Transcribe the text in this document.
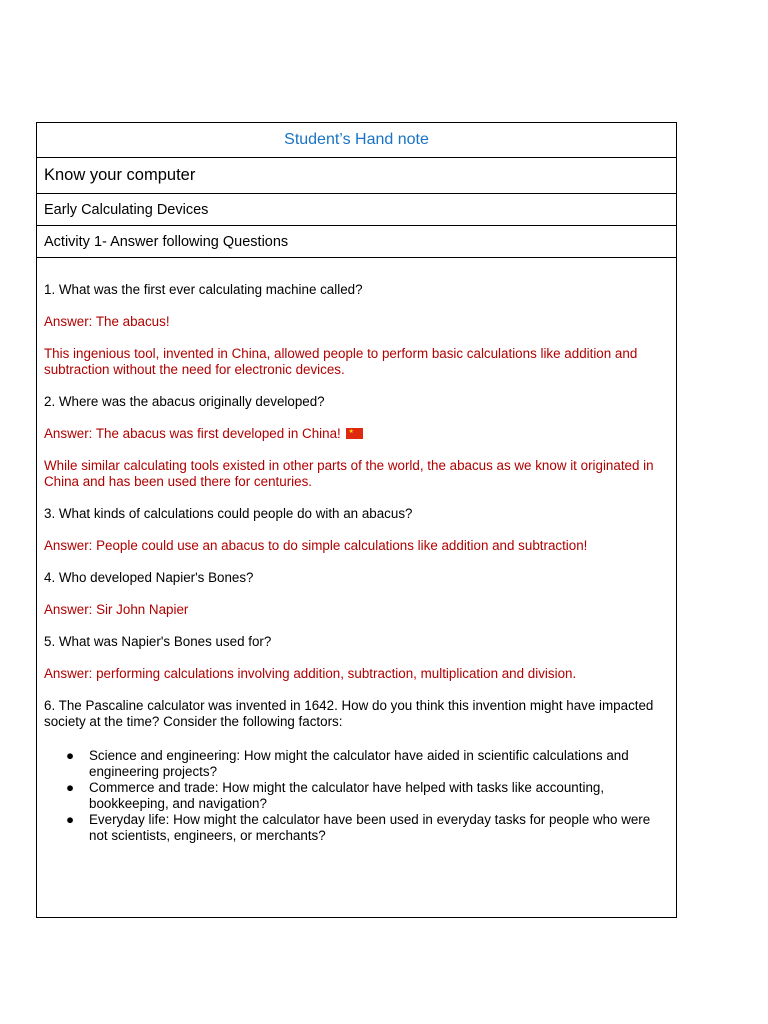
Student’s Hand note
Know your computer
Early Calculating Devices
Activity 1- Answer following Questions

1. What was the first ever calculating machine called?

Answer: The abacus!

This ingenious tool, invented in China, allowed people to perform basic calculations like addition and subtraction without the need for electronic devices.

2. Where was the abacus originally developed?

Answer: The abacus was first developed in China! ★

While similar calculating tools existed in other parts of the world, the abacus as we know it originated in China and has been used there for centuries.

3. What kinds of calculations could people do with an abacus?

Answer: People could use an abacus to do simple calculations like addition and subtraction!

4. Who developed Napier's Bones?

Answer: Sir John Napier

5. What was Napier's Bones used for?

Answer: performing calculations involving addition, subtraction, multiplication and division.

6. The Pascaline calculator was invented in 1642. How do you think this invention might have impacted society at the time? Consider the following factors:

● Science and engineering: How might the calculator have aided in scientific calculations and engineering projects?
● Commerce and trade: How might the calculator have helped with tasks like accounting, bookkeeping, and navigation?
● Everyday life: How might the calculator have been used in everyday tasks for people who were not scientists, engineers, or merchants?
